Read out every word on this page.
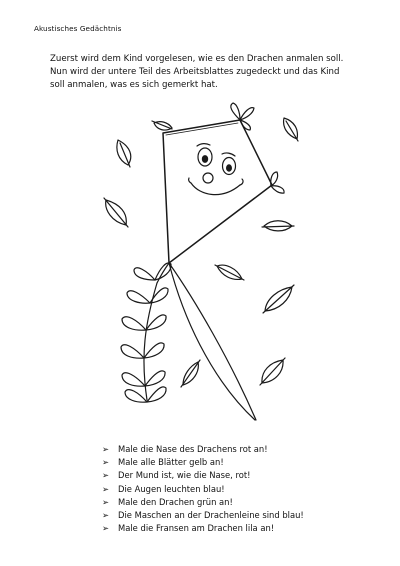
Akustisches Gedächtnis

Zuerst wird dem Kind vorgelesen, wie es den Drachen anmalen soll.

Nun wird der untere Teil des Arbeitsblattes zugedeckt und das Kind

soll anmalen, was es sich gemerkt hat.

➢ Male die Nase des Drachens rot an!
➢ Male alle Blätter gelb an!
➢ Der Mund ist, wie die Nase, rot!
➢ Die Augen leuchten blau!
➢ Male den Drachen grün an!
➢ Die Maschen an der Drachenleine sind blau!
➢ Male die Fransen am Drachen lila an!
